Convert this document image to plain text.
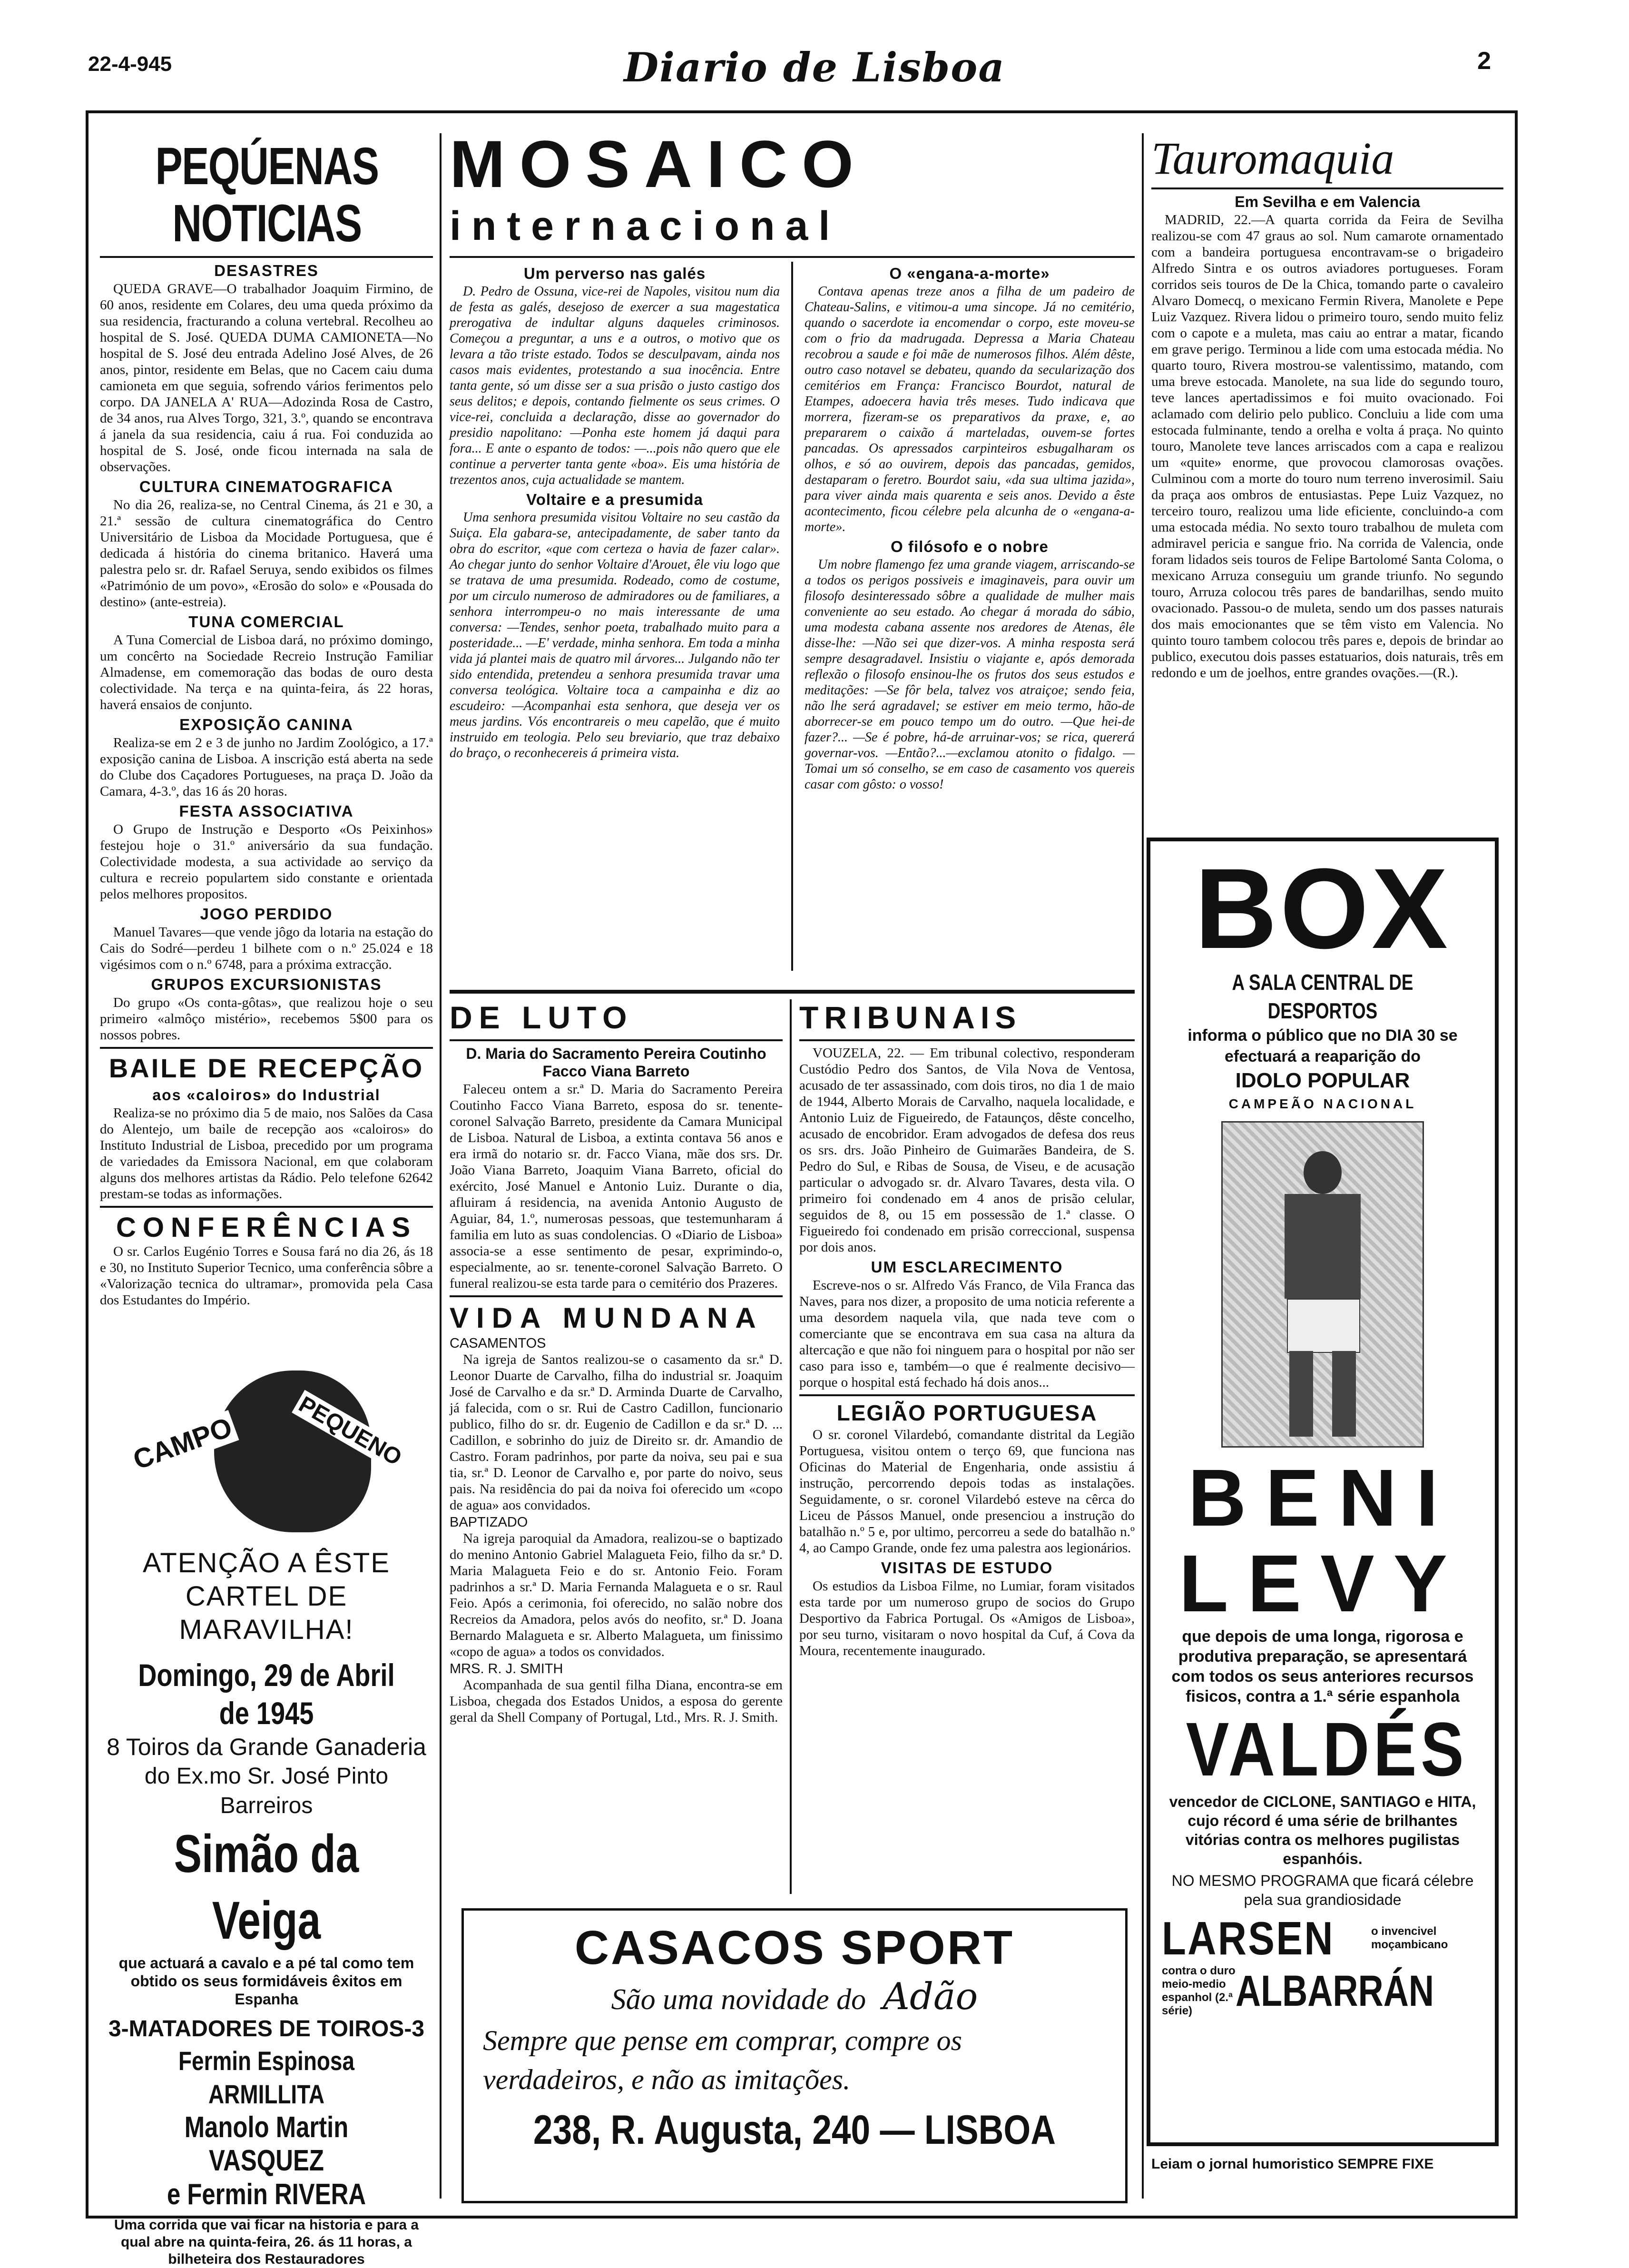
22-4-945	Diario de Lisboa	2
PEQÚENAS NOTICIAS
DESASTRES

QUEDA GRAVE—O trabalhador Joaquim Firmino, de 60 anos, residente em Colares, deu uma queda próximo da sua residencia, fracturando a coluna vertebral. Recolheu ao hospital de S. José. QUEDA DUMA CAMIONETA—No hospital de S. José deu entrada Adelino José Alves, de 26 anos, pintor, residente em Belas, que no Cacem caiu duma camioneta em que seguia, sofrendo vários ferimentos pelo corpo. DA JANELA A' RUA—Adozinda Rosa de Castro, de 34 anos, rua Alves Torgo, 321, 3.º, quando se encontrava á janela da sua residencia, caiu á rua. Foi conduzida ao hospital de S. José, onde ficou internada na sala de observações.

CULTURA CINEMATOGRAFICA

No dia 26, realiza-se, no Central Cinema, ás 21 e 30, a 21.ª sessão de cultura cinematográfica do Centro Universitário de Lisboa da Mocidade Portuguesa, que é dedicada á história do cinema britanico. Haverá uma palestra pelo sr. dr. Rafael Seruya, sendo exibidos os filmes «Património de um povo», «Erosão do solo» e «Pousada do destino» (ante-estreia).

TUNA COMERCIAL

A Tuna Comercial de Lisboa dará, no próximo domingo, um concêrto na Sociedade Recreio Instrução Familiar Almadense, em comemoração das bodas de ouro desta colectividade. Na terça e na quinta-feira, ás 22 horas, haverá ensaios de conjunto.

EXPOSIÇÃO CANINA

Realiza-se em 2 e 3 de junho no Jardim Zoológico, a 17.ª exposição canina de Lisboa. A inscrição está aberta na sede do Clube dos Caçadores Portugueses, na praça D. João da Camara, 4-3.º, das 16 ás 20 horas.

FESTA ASSOCIATIVA

O Grupo de Instrução e Desporto «Os Peixinhos» festejou hoje o 31.º aniversário da sua fundação. Colectividade modesta, a sua actividade ao serviço da cultura e recreio populartem sido constante e orientada pelos melhores propositos.

JOGO PERDIDO

Manuel Tavares—que vende jôgo da lotaria na estação do Cais do Sodré—perdeu 1 bilhete com o n.º 25.024 e 18 vigésimos com o n.º 6748, para a próxima extracção.

GRUPOS EXCURSIONISTAS

Do grupo «Os conta-gôtas», que realizou hoje o seu primeiro «almôço mistério», recebemos 5$00 para os nossos pobres.

BAILE DE RECEPÇÃO
aos «caloiros» do Industrial

Realiza-se no próximo dia 5 de maio, nos Salões da Casa do Alentejo, um baile de recepção aos «caloiros» do Instituto Industrial de Lisboa, precedido por um programa de variedades da Emissora Nacional, em que colaboram alguns dos melhores artistas da Rádio. Pelo telefone 62642 prestam-se todas as informações.

CONFERÊNCIAS

O sr. Carlos Eugénio Torres e Sousa fará no dia 26, ás 18 e 30, no Instituto Superior Tecnico, uma conferência sôbre a «Valorização tecnica do ultramar», promovida pela Casa dos Estudantes do Império.

CAMPO	PEQUENO
ATENÇÃO A ÊSTE CARTEL DE MARAVILHA!
Domingo, 29 de Abril de 1945
8 Toiros da Grande Ganaderia
do Ex.mo Sr. José Pinto Barreiros
Simão da Veiga
que actuará a cavalo e a pé tal como tem obtido os seus formidáveis êxitos em Espanha
3-MATADORES DE TOIROS-3
Fermin Espinosa ARMILLITA
Manolo Martin VASQUEZ
e Fermin RIVERA
Uma corrida que vai ficar na historia e para a qual abre na quinta-feira, 26. ás 11 horas, a bilheteira dos Restauradores
MOSAICO
internacional
Um perverso nas galés

D. Pedro de Ossuna, vice-rei de Napoles, visitou num dia de festa as galés, desejoso de exercer a sua magestatica prerogativa de indultar alguns daqueles criminosos. Começou a preguntar, a uns e a outros, o motivo que os levara a tão triste estado. Todos se desculpavam, ainda nos casos mais evidentes, protestando a sua inocência. Entre tanta gente, só um disse ser a sua prisão o justo castigo dos seus delitos; e depois, contando fielmente os seus crimes. O vice-rei, concluida a declaração, disse ao governador do presidio napolitano: —Ponha este homem já daqui para fora... E ante o espanto de todos: —...pois não quero que ele continue a perverter tanta gente «boa». Eis uma história de trezentos anos, cuja actualidade se mantem.

Voltaire e a presumida

Uma senhora presumida visitou Voltaire no seu castão da Suiça. Ela gabara-se, antecipadamente, de saber tanto da obra do escritor, «que com certeza o havia de fazer calar». Ao chegar junto do senhor Voltaire d'Arouet, êle viu logo que se tratava de uma presumida. Rodeado, como de costume, por um circulo numeroso de admiradores ou de familiares, a senhora interrompeu-o no mais interessante de uma conversa: —Tendes, senhor poeta, trabalhado muito para a posteridade... —E' verdade, minha senhora. Em toda a minha vida já plantei mais de quatro mil árvores... Julgando não ter sido entendida, pretendeu a senhora presumida travar uma conversa teológica. Voltaire toca a campainha e diz ao escudeiro: —Acompanhai esta senhora, que deseja ver os meus jardins. Vós encontrareis o meu capelão, que é muito instruido em teologia. Pelo seu breviario, que traz debaixo do braço, o reconhecereis á primeira vista.

O «engana-a-morte»

Contava apenas treze anos a filha de um padeiro de Chateau-Salins, e vitimou-a uma sincope. Já no cemitério, quando o sacerdote ia encomendar o corpo, este moveu-se com o frio da madrugada. Depressa a Maria Chateau recobrou a saude e foi mãe de numerosos filhos. Além dêste, outro caso notavel se debateu, quando da secularização dos cemitérios em França: Francisco Bourdot, natural de Etampes, adoecera havia três meses. Tudo indicava que morrera, fizeram-se os preparativos da praxe, e, ao prepararem o caixão á marteladas, ouvem-se fortes pancadas. Os apressados carpinteiros esbugalharam os olhos, e só ao ouvirem, depois das pancadas, gemidos, destaparam o feretro. Bourdot saiu, «da sua ultima jazida», para viver ainda mais quarenta e seis anos. Devido a êste acontecimento, ficou célebre pela alcunha de o «engana-a-morte».

O filósofo e o nobre

Um nobre flamengo fez uma grande viagem, arriscando-se a todos os perigos possiveis e imaginaveis, para ouvir um filosofo desinteressado sôbre a qualidade de mulher mais conveniente ao seu estado. Ao chegar á morada do sábio, uma modesta cabana assente nos aredores de Atenas, êle disse-lhe: —Não sei que dizer-vos. A minha resposta será sempre desagradavel. Insistiu o viajante e, após demorada reflexão o filosofo ensinou-lhe os frutos dos seus estudos e meditações: —Se fôr bela, talvez vos atraiçoe; sendo feia, não lhe será agradavel; se estiver em meio termo, hão-de aborrecer-se em pouco tempo um do outro. —Que hei-de fazer?... —Se é pobre, há-de arruinar-vos; se rica, quererá governar-vos. —Então?...—exclamou atonito o fidalgo. —Tomai um só conselho, se em caso de casamento vos quereis casar com gôsto: o vosso!

DE LUTO
D. Maria do Sacramento Pereira Coutinho Facco Viana Barreto

Faleceu ontem a sr.ª D. Maria do Sacramento Pereira Coutinho Facco Viana Barreto, esposa do sr. tenente-coronel Salvação Barreto, presidente da Camara Municipal de Lisboa. Natural de Lisboa, a extinta contava 56 anos e era irmã do notario sr. dr. Facco Viana, mãe dos srs. Dr. João Viana Barreto, Joaquim Viana Barreto, oficial do exército, José Manuel e Antonio Luiz. Durante o dia, afluiram á residencia, na avenida Antonio Augusto de Aguiar, 84, 1.º, numerosas pessoas, que testemunharam á familia em luto as suas condolencias. O «Diario de Lisboa» associa-se a esse sentimento de pesar, exprimindo-o, especialmente, ao sr. tenente-coronel Salvação Barreto. O funeral realizou-se esta tarde para o cemitério dos Prazeres.

VIDA MUNDANA
CASAMENTOS

Na igreja de Santos realizou-se o casamento da sr.ª D. Leonor Duarte de Carvalho, filha do industrial sr. Joaquim José de Carvalho e da sr.ª D. Arminda Duarte de Carvalho, já falecida, com o sr. Rui de Castro Cadillon, funcionario publico, filho do sr. dr. Eugenio de Cadillon e da sr.ª D. ... Cadillon, e sobrinho do juiz de Direito sr. dr. Amandio de Castro. Foram padrinhos, por parte da noiva, seu pai e sua tia, sr.ª D. Leonor de Carvalho e, por parte do noivo, seus pais. Na residência do pai da noiva foi oferecido um «copo de agua» aos convidados.

BAPTIZADO

Na igreja paroquial da Amadora, realizou-se o baptizado do menino Antonio Gabriel Malagueta Feio, filho da sr.ª D. Maria Malagueta Feio e do sr. Antonio Feio. Foram padrinhos a sr.ª D. Maria Fernanda Malagueta e o sr. Raul Feio. Após a cerimonia, foi oferecido, no salão nobre dos Recreios da Amadora, pelos avós do neofito, sr.ª D. Joana Bernardo Malagueta e sr. Alberto Malagueta, um finissimo «copo de agua» a todos os convidados.

MRS. R. J. SMITH

Acompanhada de sua gentil filha Diana, encontra-se em Lisboa, chegada dos Estados Unidos, a esposa do gerente geral da Shell Company of Portugal, Ltd., Mrs. R. J. Smith.

TRIBUNAIS

VOUZELA, 22. — Em tribunal colectivo, responderam Custódio Pedro dos Santos, de Vila Nova de Ventosa, acusado de ter assassinado, com dois tiros, no dia 1 de maio de 1944, Alberto Morais de Carvalho, naquela localidade, e Antonio Luiz de Figueiredo, de Fataunços, dêste concelho, acusado de encobridor. Eram advogados de defesa dos reus os srs. drs. João Pinheiro de Guimarães Bandeira, de S. Pedro do Sul, e Ribas de Sousa, de Viseu, e de acusação particular o advogado sr. dr. Alvaro Tavares, desta vila. O primeiro foi condenado em 4 anos de prisão celular, seguidos de 8, ou 15 em possessão de 1.ª classe. O Figueiredo foi condenado em prisão correccional, suspensa por dois anos.

UM ESCLARECIMENTO

Escreve-nos o sr. Alfredo Vás Franco, de Vila Franca das Naves, para nos dizer, a proposito de uma noticia referente a uma desordem naquela vila, que nada teve com o comerciante que se encontrava em sua casa na altura da altercação e que não foi ninguem para o hospital por não ser caso para isso e, também—o que é realmente decisivo—porque o hospital está fechado há dois anos...

LEGIÃO PORTUGUESA

O sr. coronel Vilardebó, comandante distrital da Legião Portuguesa, visitou ontem o terço 69, que funciona nas Oficinas do Material de Engenharia, onde assistiu á instrução, percorrendo depois todas as instalações. Seguidamente, o sr. coronel Vilardebó esteve na cêrca do Liceu de Pássos Manuel, onde presenciou a instrução do batalhão n.º 5 e, por ultimo, percorreu a sede do batalhão n.º 4, ao Campo Grande, onde fez uma palestra aos legionários.

VISITAS DE ESTUDO

Os estudios da Lisboa Filme, no Lumiar, foram visitados esta tarde por um numeroso grupo de socios do Grupo Desportivo da Fabrica Portugal. Os «Amigos de Lisboa», por seu turno, visitaram o novo hospital da Cuf, á Cova da Moura, recentemente inaugurado.

CASACOS SPORT
São uma novidade do Adão
Sempre que pense em comprar, compre os verdadeiros, e não as imitações.
238, R. Augusta, 240 — LISBOA
Tauromaquia
Em Sevilha e em Valencia

MADRID, 22.—A quarta corrida da Feira de Sevilha realizou-se com 47 graus ao sol. Num camarote ornamentado com a bandeira portuguesa encontravam-se o brigadeiro Alfredo Sintra e os outros aviadores portugueses. Foram corridos seis touros de De la Chica, tomando parte o cavaleiro Alvaro Domecq, o mexicano Fermin Rivera, Manolete e Pepe Luiz Vazquez. Rivera lidou o primeiro touro, sendo muito feliz com o capote e a muleta, mas caiu ao entrar a matar, ficando em grave perigo. Terminou a lide com uma estocada média. No quarto touro, Rivera mostrou-se valentissimo, matando, com uma breve estocada. Manolete, na sua lide do segundo touro, teve lances apertadissimos e foi muito ovacionado. Foi aclamado com delirio pelo publico. Concluiu a lide com uma estocada fulminante, tendo a orelha e volta á praça. No quinto touro, Manolete teve lances arriscados com a capa e realizou um «quite» enorme, que provocou clamorosas ovações. Culminou com a morte do touro num terreno inverosimil. Saiu da praça aos ombros de entusiastas. Pepe Luiz Vazquez, no terceiro touro, realizou uma lide eficiente, concluindo-a com uma estocada média. No sexto touro trabalhou de muleta com admiravel pericia e sangue frio. Na corrida de Valencia, onde foram lidados seis touros de Felipe Bartolomé Santa Coloma, o mexicano Arruza conseguiu um grande triunfo. No segundo touro, Arruza colocou três pares de bandarilhas, sendo muito ovacionado. Passou-o de muleta, sendo um dos passes naturais dos mais emocionantes que se têm visto em Valencia. No quinto touro tambem colocou três pares e, depois de brindar ao publico, executou dois passes estatuarios, dois naturais, três em redondo e um de joelhos, entre grandes ovações.—(R.).

BOX
A SALA CENTRAL DE DESPORTOS
informa o público que no DIA 30 se efectuará a reaparição do
IDOLO POPULAR
CAMPEÃO NACIONAL
BENI
LEVY
que depois de uma longa, rigorosa e produtiva preparação, se apresentará com todos os seus anteriores recursos fisicos, contra a 1.ª série espanhola
VALDÉS
vencedor de CICLONE, SANTIAGO e HITA, cujo récord é uma série de brilhantes vitórias contra os melhores pugilistas espanhóis.
NO MESMO PROGRAMA que ficará célebre pela sua grandiosidade
LARSEN	o invencivel moçambicano
contra o duro meio-medio espanhol (2.ª série) ALBARRÁN
Leiam o jornal humoristico SEMPRE FIXE
